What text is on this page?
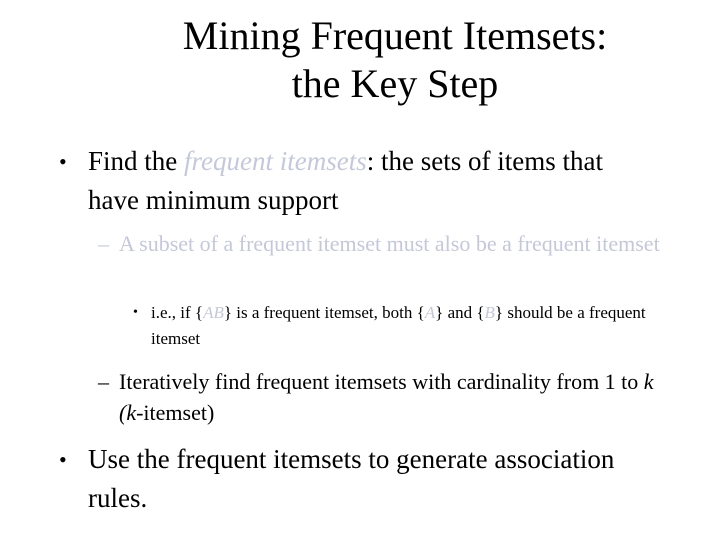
Mining Frequent Itemsets:
the Key Step
• Find the frequent itemsets: the sets of items that have minimum support
– A subset of a frequent itemset must also be a frequent itemset
• i.e., if {AB} is a frequent itemset, both {A} and {B} should be a frequent itemset
– Iteratively find frequent itemsets with cardinality from 1 to k (k-itemset)
• Use the frequent itemsets to generate association rules.
